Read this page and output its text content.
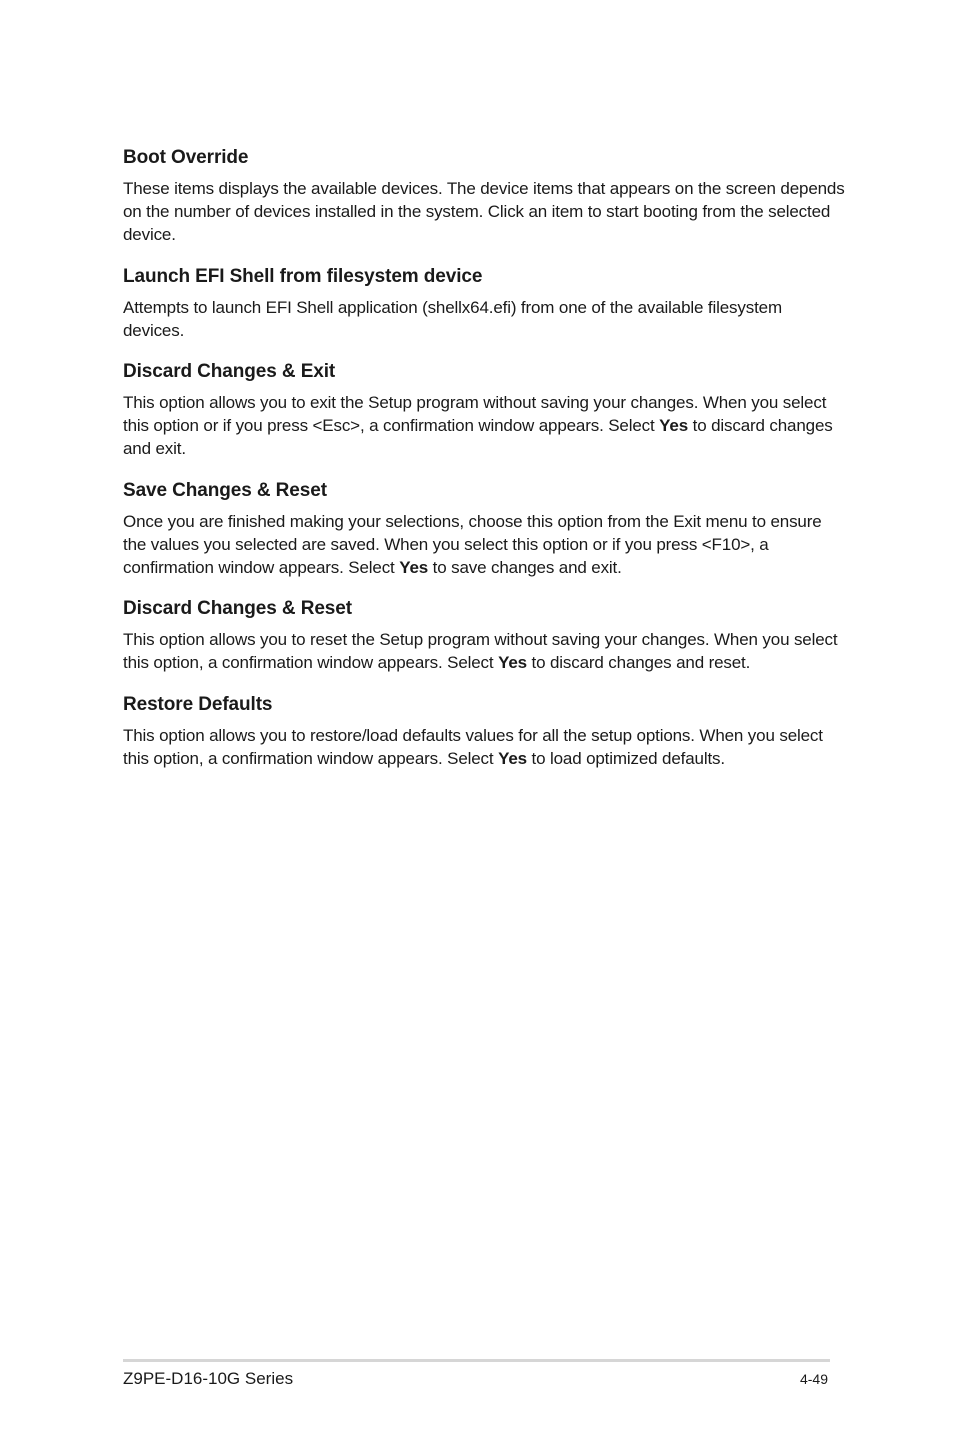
Boot Override

These items displays the available devices. The device items that appears on the screen depends on the number of devices installed in the system. Click an item to start booting from the selected device.

Launch EFI Shell from filesystem device

Attempts to launch EFI Shell application (shellx64.efi) from one of the available filesystem devices.

Discard Changes & Exit

This option allows you to exit the Setup program without saving your changes. When you select this option or if you press <Esc>, a confirmation window appears. Select Yes to discard changes and exit.

Save Changes & Reset

Once you are finished making your selections, choose this option from the Exit menu to ensure the values you selected are saved. When you select this option or if you press <F10>, a confirmation window appears. Select Yes to save changes and exit.

Discard Changes & Reset

This option allows you to reset the Setup program without saving your changes. When you select this option, a confirmation window appears. Select Yes to discard changes and reset.

Restore Defaults

This option allows you to restore/load defaults values for all the setup options. When you select this option, a confirmation window appears. Select Yes to load optimized defaults.

Z9PE-D16-10G Series	4-49
